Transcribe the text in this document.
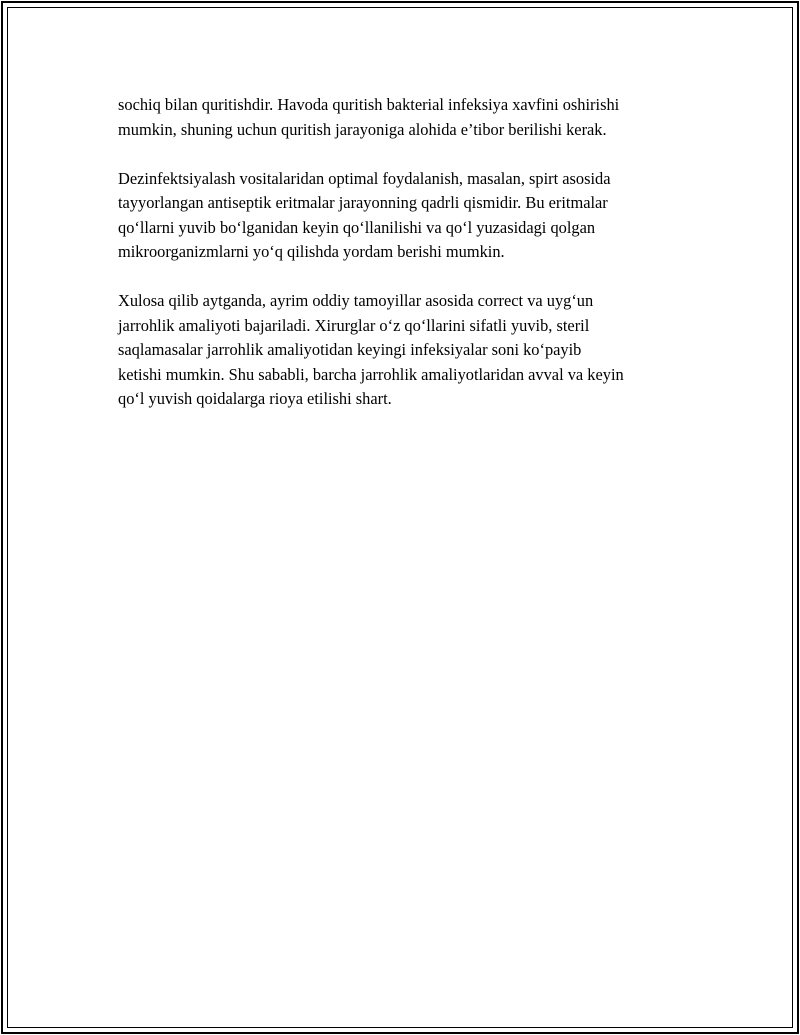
sochiq bilan quritishdir. Havoda quritish bakterial infeksiya xavfini oshirishi
mumkin, shuning uchun quritish jarayoniga alohida e’tibor berilishi kerak.

Dezinfektsiyalash vositalaridan optimal foydalanish, masalan, spirt asosida
tayyorlangan antiseptik eritmalar jarayonning qadrli qismidir. Bu eritmalar
qo‘llarni yuvib bo‘lganidan keyin qo‘llanilishi va qo‘l yuzasidagi qolgan
mikroorganizmlarni yo‘q qilishda yordam berishi mumkin.

Xulosa qilib aytganda, ayrim oddiy tamoyillar asosida correct va uyg‘un
jarrohlik amaliyoti bajariladi. Xirurglar o‘z qo‘llarini sifatli yuvib, steril
saqlamasalar jarrohlik amaliyotidan keyingi infeksiyalar soni ko‘payib
ketishi mumkin. Shu sababli, barcha jarrohlik amaliyotlaridan avval va keyin
qo‘l yuvish qoidalarga rioya etilishi shart.
